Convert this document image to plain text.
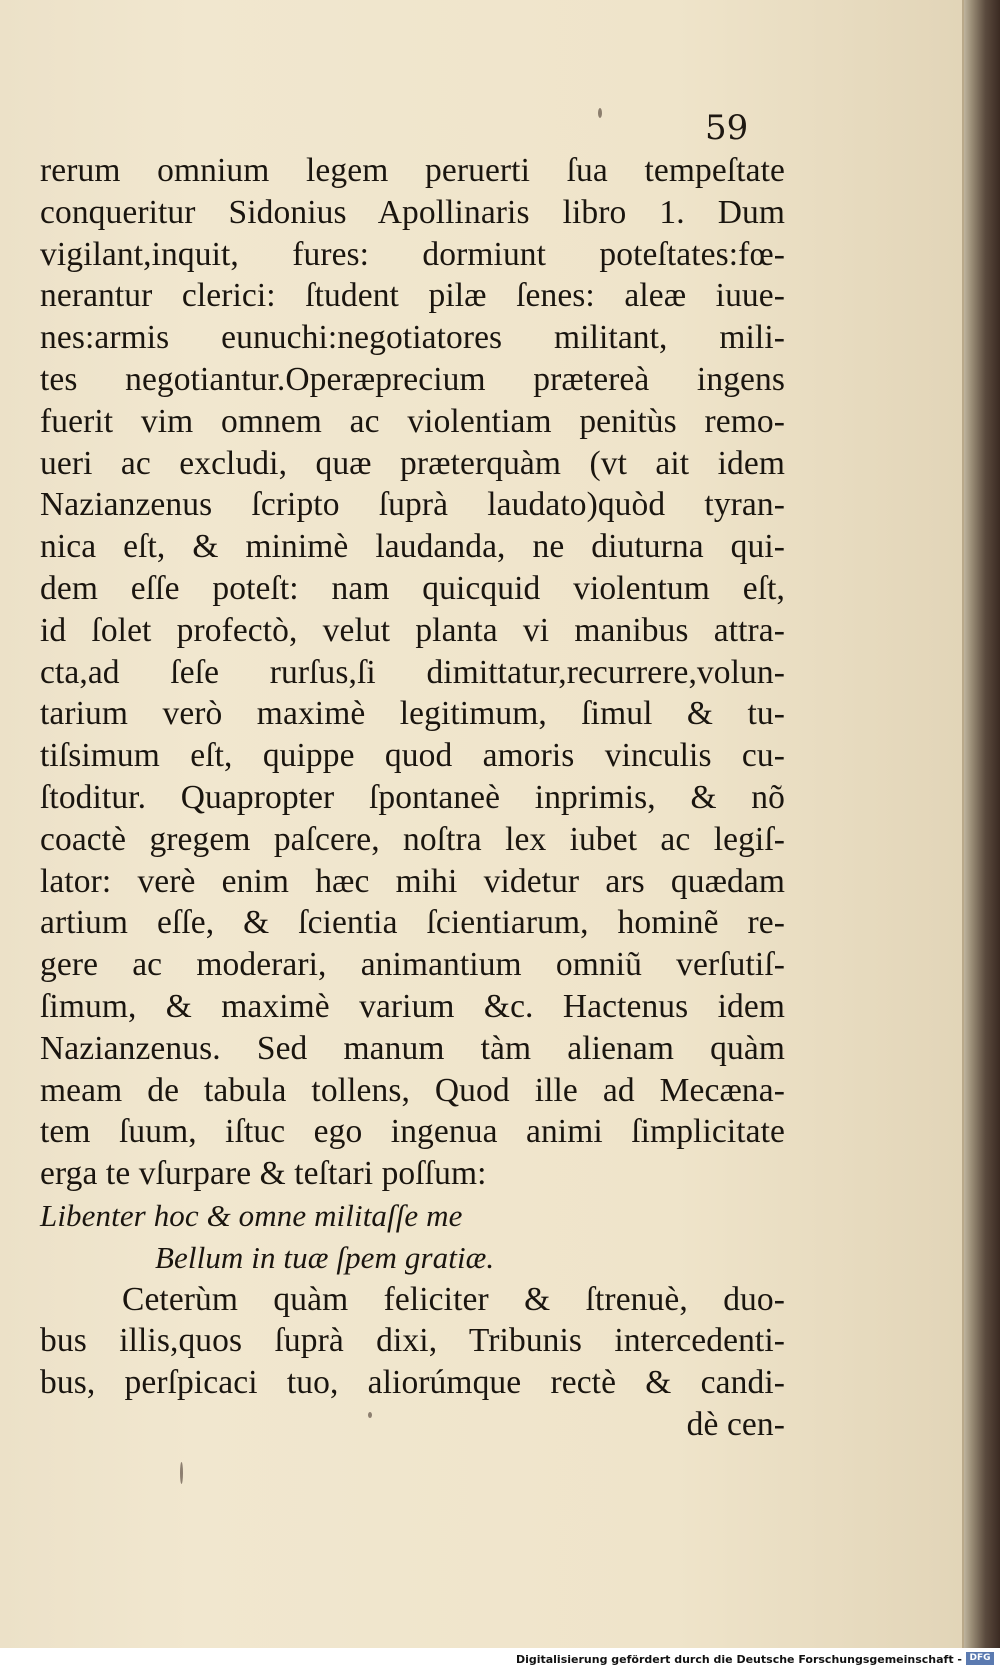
59
rerum omnium legem peruerti ſua tempeſtate
conqueritur Sidonius Apollinaris libro 1. Dum
vigilant,inquit, fures: dormiunt poteſtates:fœ-
nerantur clerici: ſtudent pilæ ſenes: aleæ iuue-
nes:armis eunuchi:negotiatores militant, mili-
tes negotiantur.Operæprecium prætereà ingens
fuerit vim omnem ac violentiam penitùs remo-
ueri ac excludi, quæ præterquàm (vt ait idem
Nazianzenus ſcripto ſuprà laudato)quòd tyran-
nica eſt, & minimè laudanda, ne diuturna qui-
dem eſſe poteſt: nam quicquid violentum eſt,
id ſolet profectò, velut planta vi manibus attra-
cta,ad ſeſe rurſus,ſi dimittatur,recurrere,volun-
tarium verò maximè legitimum, ſimul & tu-
tiſsimum eſt, quippe quod amoris vinculis cu-
ſtoditur. Quapropter ſpontaneè inprimis, & nõ
coactè gregem paſcere, noſtra lex iubet ac legiſ-
lator: verè enim hæc mihi videtur ars quædam
artium eſſe, & ſcientia ſcientiarum, hominẽ re-
gere ac moderari, animantium omniũ verſutiſ-
ſimum, & maximè varium &c. Hactenus idem
Nazianzenus. Sed manum tàm alienam quàm
meam de tabula tollens, Quod ille ad Mecæna-
tem ſuum, iſtuc ego ingenua animi ſimplicitate
erga te vſurpare & teſtari poſſum:
Libenter hoc & omne militaſſe me
Bellum in tuæ ſpem gratiæ.
Ceterùm quàm feliciter & ſtrenuè, duo-
bus illis,quos ſuprà dixi, Tribunis intercedenti-
bus, perſpicaci tuo, aliorúmque rectè & candi-
dè cen-
Digitalisierung gefördert durch die Deutsche Forschungsgemeinschaft - DFG
